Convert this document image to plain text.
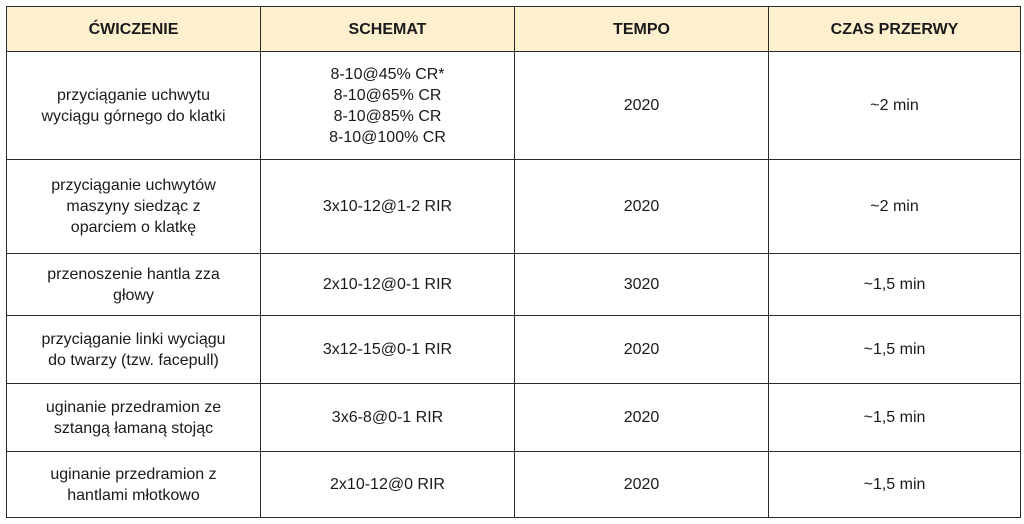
ĆWICZENIE	SCHEMAT	TEMPO	CZAS PRZERWY

przyciąganie uchwytu
wyciągu górnego do klatki	8-10@45% CR*
8-10@65% CR
8-10@85% CR
8-10@100% CR	2020	~2 min

przyciąganie uchwytów
maszyny siedząc z
oparciem o klatkę	3x10-12@1-2 RIR	2020	~2 min

przenoszenie hantla zza
głowy	2x10-12@0-1 RIR	3020	~1,5 min

przyciąganie linki wyciągu
do twarzy (tzw. facepull)	3x12-15@0-1 RIR	2020	~1,5 min

uginanie przedramion ze
sztangą łamaną stojąc	3x6-8@0-1 RIR	2020	~1,5 min

uginanie przedramion z
hantlami młotkowo	2x10-12@0 RIR	2020	~1,5 min
